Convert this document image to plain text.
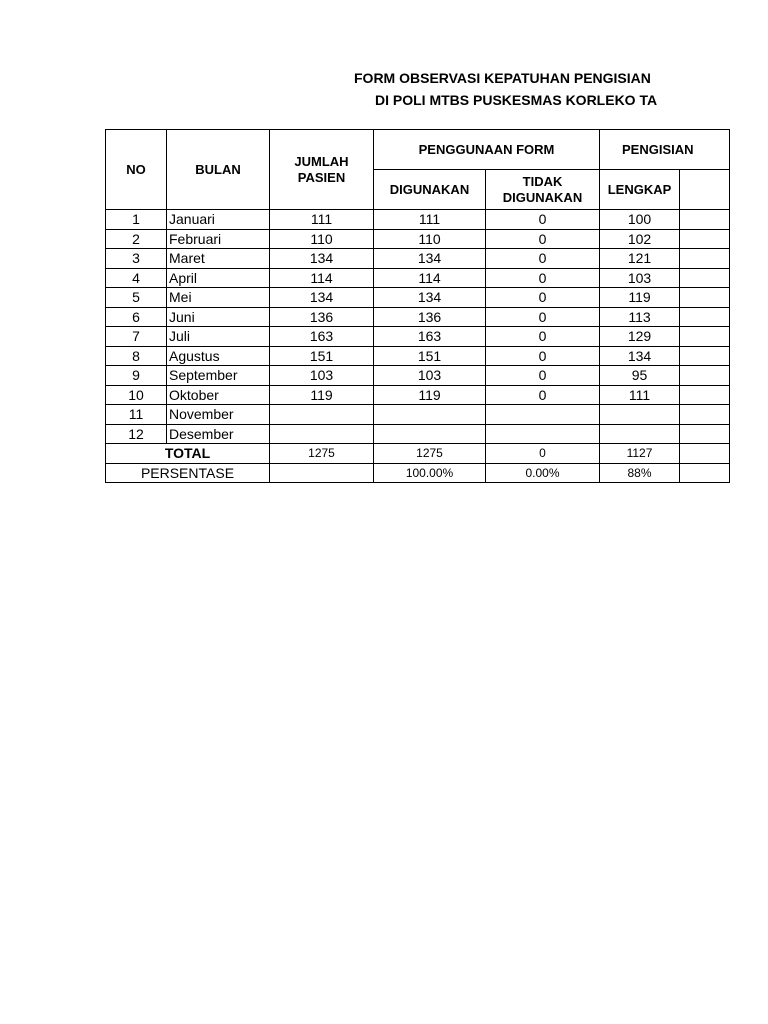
FORM OBSERVASI KEPATUHAN PENGISIAN
DI POLI MTBS PUSKESMAS KORLEKO TA
NO	BULAN	JUMLAH PASIEN	PENGGUNAAN FORM		PENGISIAN	
			DIGUNAKAN	TIDAK DIGUNAKAN	LENGKAP	
1	Januari	111	111	0	100	
2	Februari	110	110	0	102	
3	Maret	134	134	0	121	
4	April	114	114	0	103	
5	Mei	134	134	0	119	
6	Juni	136	136	0	113	
7	Juli	163	163	0	129	
8	Agustus	151	151	0	134	
9	September	103	103	0	95	
10	Oktober	119	119	0	111	
11	November					
12	Desember					
TOTAL		1275	1275	0	1127	
PERSENTASE			100.00%	0.00%	88%	
